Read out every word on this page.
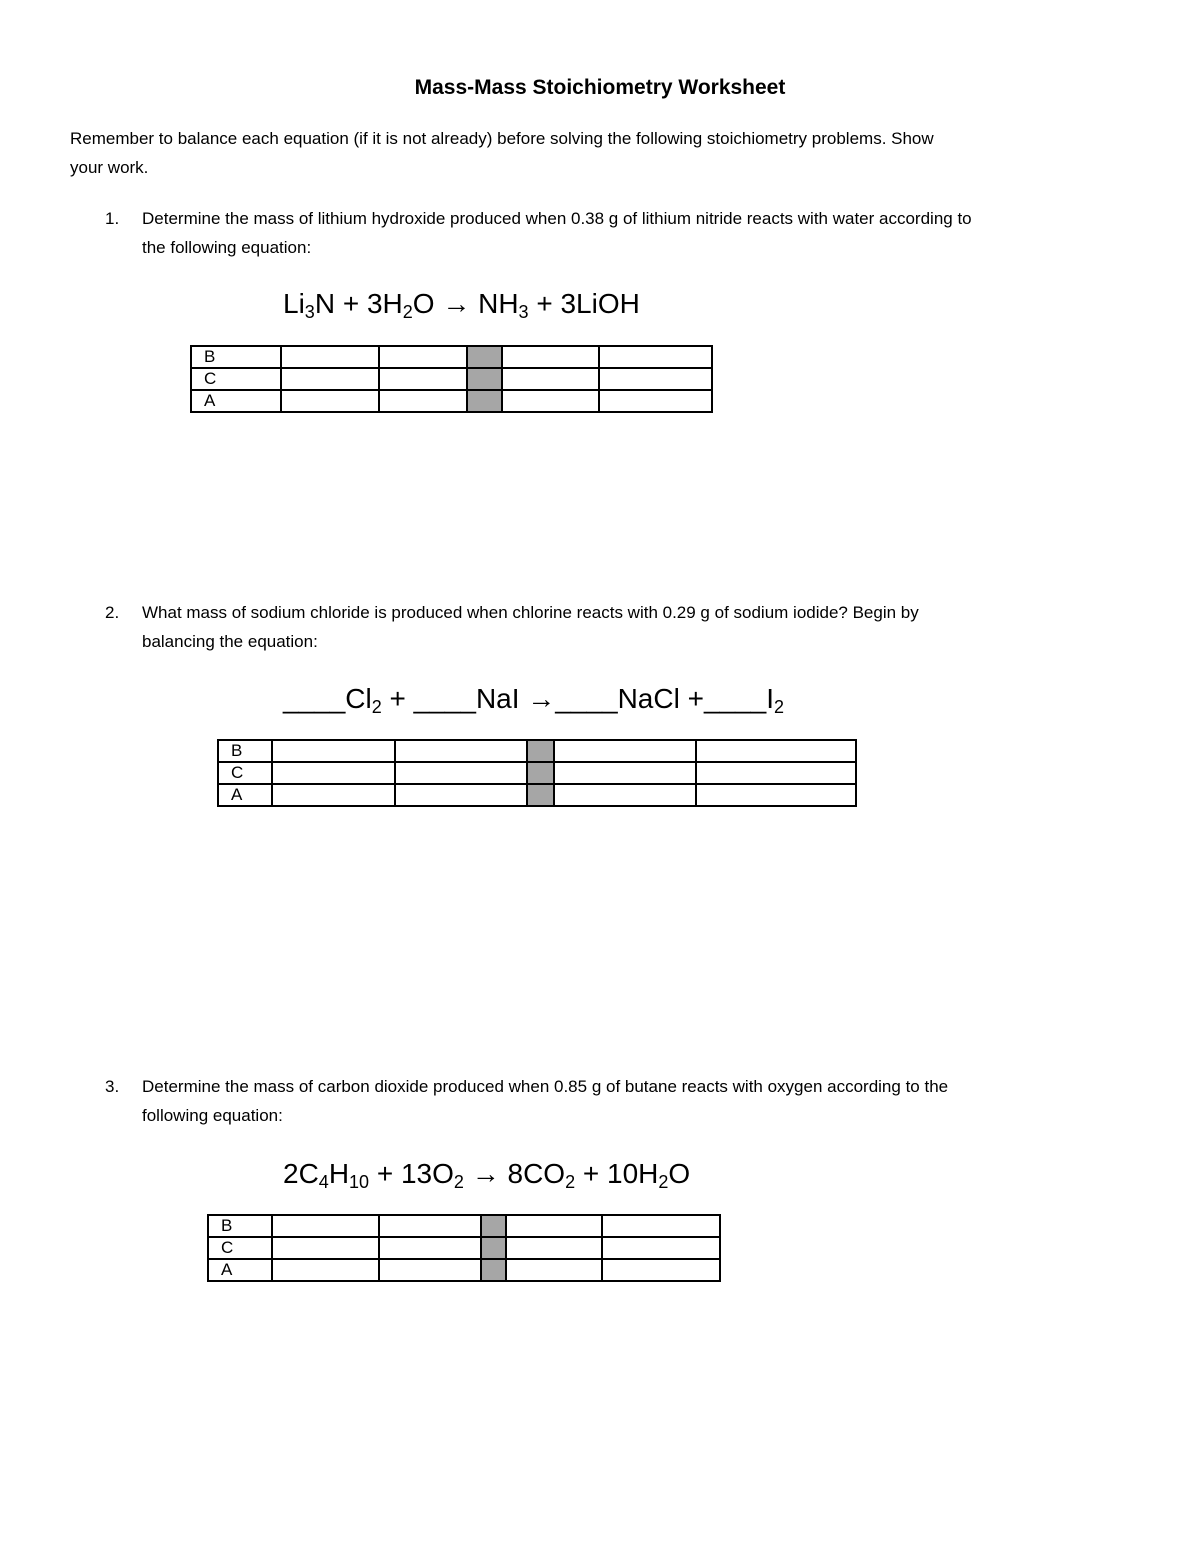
Mass-Mass Stoichiometry Worksheet
Remember to balance each equation (if it is not already) before solving the following stoichiometry problems. Show
your work.
1. Determine the mass of lithium hydroxide produced when 0.38 g of lithium nitride reacts with water according to
the following equation:
$Li_3N + 3H_2O \to NH_3$ + 3LiOH
B					
C					
A					
2. What mass of sodium chloride is produced when chlorine reacts with 0.29 g of sodium iodide? Begin by
balancing the equation:
$\_\_\_\_Cl_2$ + ____NaI →____NaCl $+\_\_\_\_I_2$
B					
C					
A					
3. Determine the mass of carbon dioxide produced when 0.85 g of butane reacts with oxygen according to the
following equation:
$2C_4H_{10} + 13O_2 \to 8CO_2 + 10H_2O$
B					
C					
A					
